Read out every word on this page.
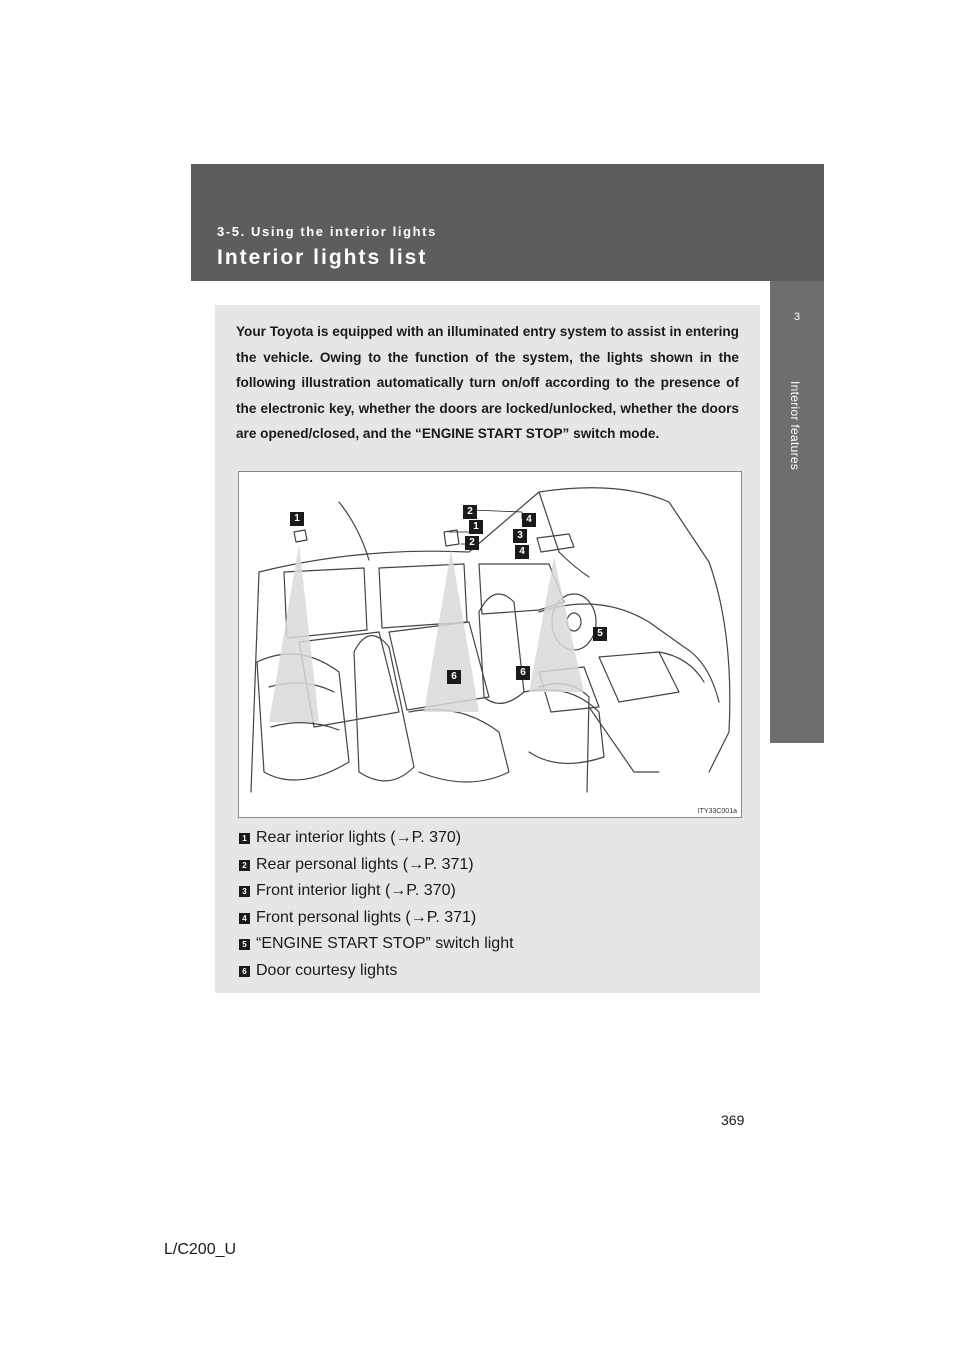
3-5. Using the interior lights
Interior lights list
3
Interior features

Your Toyota is equipped with an illuminated entry system to assist in entering the vehicle. Owing to the function of the system, the lights shown in the following illustration automatically turn on/off according to the presence of the electronic key, whether the doors are locked/unlocked, whether the doors are opened/closed, and the “ENGINE START STOP” switch mode.

1
2
1
4
3
2
4
5
6	6
ITY33C001a
1 Rear interior lights (→P. 370)
2 Rear personal lights (→P. 371)
3 Front interior light (→P. 370)
4 Front personal lights (→P. 371)
5 “ENGINE START STOP” switch light
6 Door courtesy lights
369
L/C200_U
